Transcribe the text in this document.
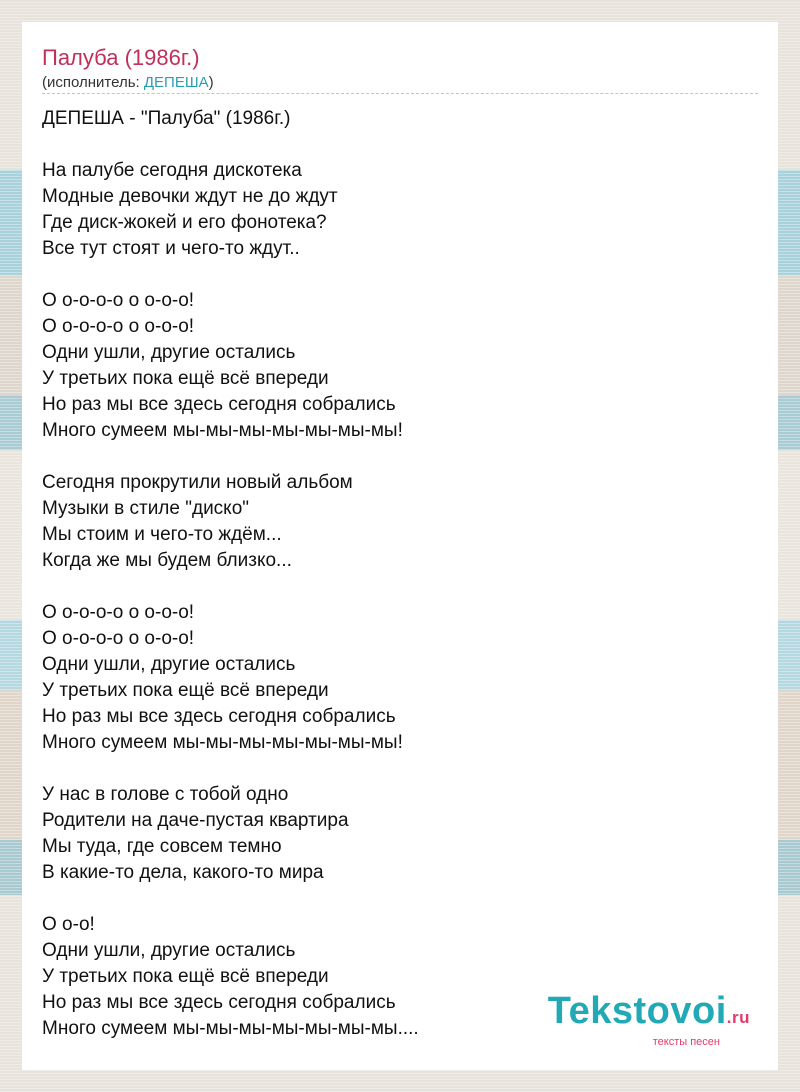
Палуба (1986г.)
(исполнитель: ДЕПЕША)
ДЕПЕША - "Палуба" (1986г.)
На палубе сегодня дискотека
Модные девочки ждут не до ждут
Где диск-жокей и его фонотека?
Все тут стоят и чего-то ждут..
О о-о-о-о о о-о-о!
О о-о-о-о о о-о-о!
Одни ушли, другие остались
У третьих пока ещё всё впереди
Но раз мы все здесь сегодня собрались
Много сумеем мы-мы-мы-мы-мы-мы-мы!
Сегодня прокрутили новый альбом
Музыки в стиле "диско"
Мы стоим и чего-то ждём...
Когда же мы будем близко...
О о-о-о-о о о-о-о!
О о-о-о-о о о-о-о!
Одни ушли, другие остались
У третьих пока ещё всё впереди
Но раз мы все здесь сегодня собрались
Много сумеем мы-мы-мы-мы-мы-мы-мы!
У нас в голове с тобой одно
Родители на даче-пустая квартира
Мы туда, где совсем темно
В какие-то дела, какого-то мира
О о-о!
Одни ушли, другие остались
У третьих пока ещё всё впереди
Но раз мы все здесь сегодня собрались
Много сумеем мы-мы-мы-мы-мы-мы-мы....	Tekstovoi.ru
тексты песен
